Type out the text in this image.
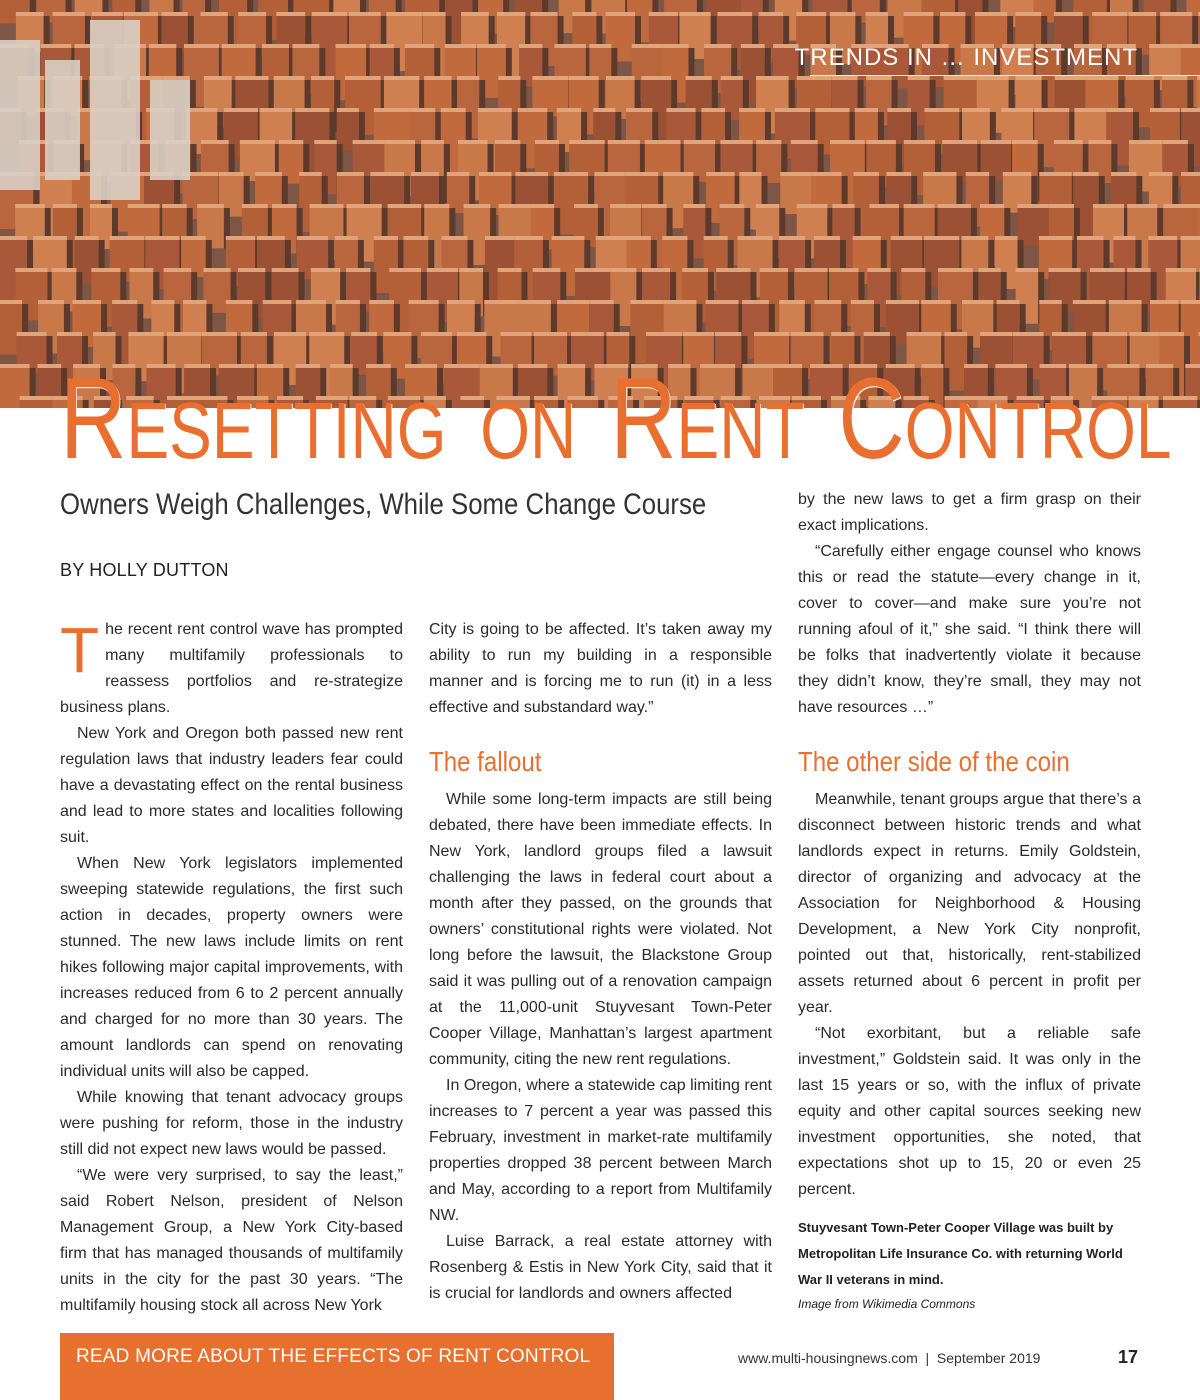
TRENDS IN … INVESTMENT
RESETTING ON RENT CONTROL
Owners Weigh Challenges, While Some Change Course
BY HOLLY DUTTON

The recent rent control wave has prompted many multifamily professionals to reassess portfolios and re-strategize business plans.

New York and Oregon both passed new rent regulation laws that industry leaders fear could have a devastating effect on the rental business and lead to more states and localities following suit.

When New York legislators implemented sweeping statewide regulations, the first such action in decades, property owners were stunned. The new laws include limits on rent hikes following major capital improvements, with increases reduced from 6 to 2 percent annually and charged for no more than 30 years. The amount landlords can spend on renovating individual units will also be capped.

While knowing that tenant advocacy groups were pushing for reform, those in the industry still did not expect new laws would be passed.

“We were very surprised, to say the least,” said Robert Nelson, president of Nelson Management Group, a New York City-based firm that has managed thousands of multifamily units in the city for the past 30 years. “The multifamily housing stock all across New York

City is going to be affected. It’s taken away my ability to run my building in a responsible manner and is forcing me to run (it) in a less effective and substandard way.”

The fallout

While some long-term impacts are still being debated, there have been immediate effects. In New York, landlord groups filed a lawsuit challenging the laws in federal court about a month after they passed, on the grounds that owners’ constitutional rights were violated. Not long before the lawsuit, the Blackstone Group said it was pulling out of a renovation campaign at the 11,000-unit Stuyvesant Town-Peter Cooper Village, Manhattan’s largest apartment community, citing the new rent regulations.

In Oregon, where a statewide cap limiting rent increases to 7 percent a year was passed this February, investment in market-rate multifamily properties dropped 38 percent between March and May, according to a report from Multifamily NW.

Luise Barrack, a real estate attorney with Rosenberg & Estis in New York City, said that it is crucial for landlords and owners affected

by the new laws to get a firm grasp on their exact implications.

“Carefully either engage counsel who knows this or read the statute—every change in it, cover to cover—and make sure you’re not running afoul of it,” she said. “I think there will be folks that inadvertently violate it because they didn’t know, they’re small, they may not have resources …”

The other side of the coin

Meanwhile, tenant groups argue that there’s a disconnect between historic trends and what landlords expect in returns. Emily Goldstein, director of organizing and advocacy at the Association for Neighborhood & Housing Development, a New York City nonprofit, pointed out that, historically, rent-stabilized assets returned about 6 percent in profit per year.

“Not exorbitant, but a reliable safe investment,” Goldstein said. It was only in the last 15 years or so, with the influx of private equity and other capital sources seeking new investment opportunities, she noted, that expectations shot up to 15, 20 or even 25 percent.

Stuyvesant Town-Peter Cooper Village was built by Metropolitan Life Insurance Co. with returning World War II veterans in mind.
Image from Wikimedia Commons
READ MORE ABOUT THE EFFECTS OF RENT CONTROL	www.multi-housingnews.com  |  September 2019	17
